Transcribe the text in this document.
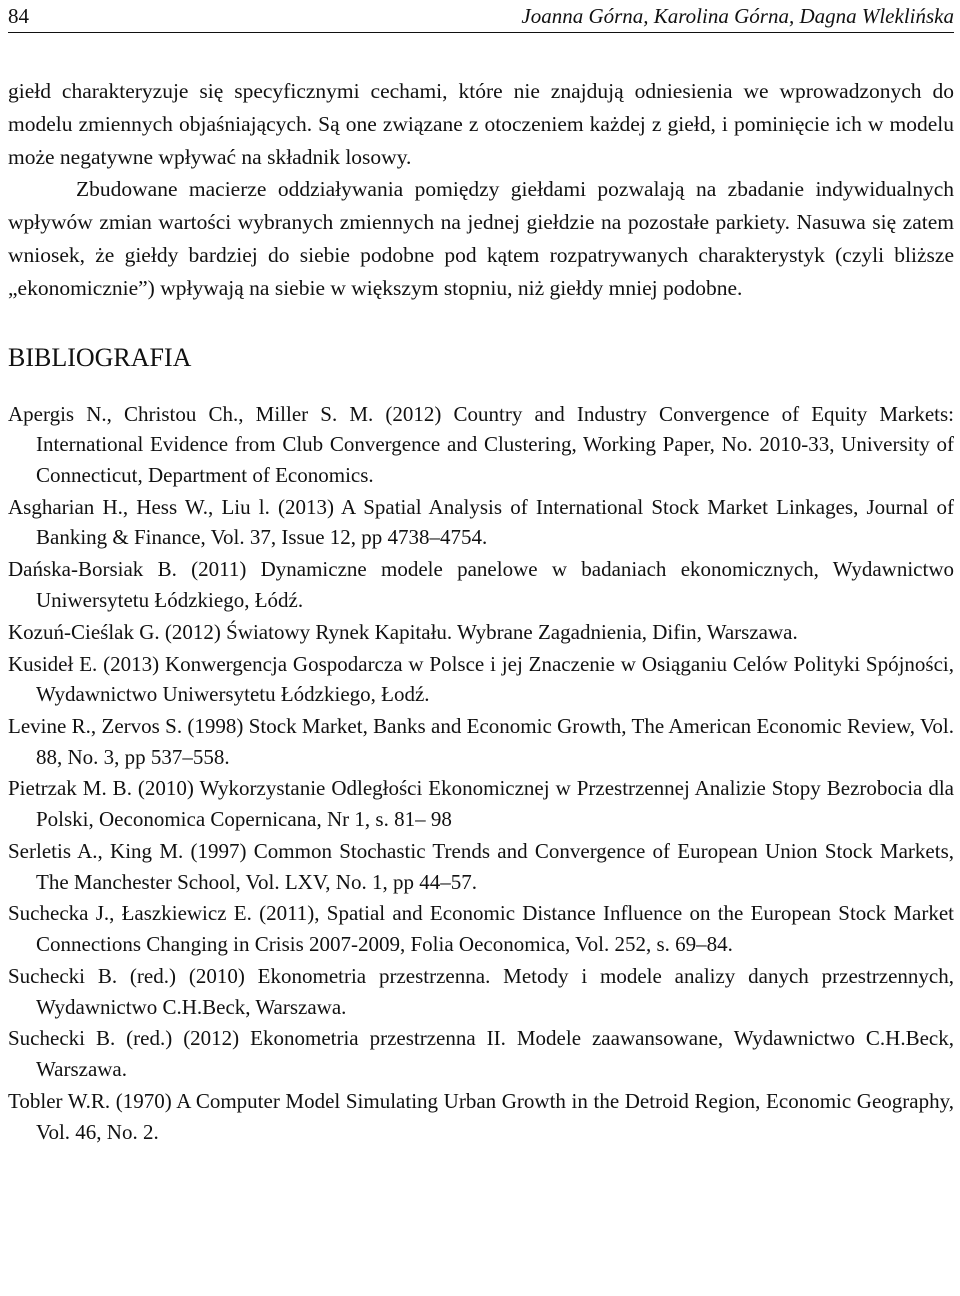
84	Joanna Górna, Karolina Górna, Dagna Wleklińska

giełd charakteryzuje się specyficznymi cechami, które nie znajdują odniesienia we wprowadzonych do modelu zmiennych objaśniających. Są one związane z otoczeniem każdej z giełd, i pominięcie ich w modelu może negatywne wpływać na składnik losowy.

Zbudowane macierze oddziaływania pomiędzy giełdami pozwalają na zbadanie indywidualnych wpływów zmian wartości wybranych zmiennych na jednej giełdzie na pozostałe parkiety. Nasuwa się zatem wniosek, że giełdy bardziej do siebie podobne pod kątem rozpatrywanych charakterystyk (czyli bliższe „ekonomicznie”) wpływają na siebie w większym stopniu, niż giełdy mniej podobne.

BIBLIOGRAFIA

Apergis N., Christou Ch., Miller S. M. (2012) Country and Industry Convergence of Equity Markets: International Evidence from Club Convergence and Clustering, Working Paper, No. 2010-33, University of Connecticut, Department of Economics.

Asgharian H., Hess W., Liu l. (2013) A Spatial Analysis of International Stock Market Linkages, Journal of Banking & Finance, Vol. 37, Issue 12, pp 4738–4754.

Dańska-Borsiak B. (2011) Dynamiczne modele panelowe w badaniach ekonomicznych, Wydawnictwo Uniwersytetu Łódzkiego, Łódź.

Kozuń-Cieślak G. (2012) Światowy Rynek Kapitału. Wybrane Zagadnienia, Difin, Warszawa.

Kusideł E. (2013) Konwergencja Gospodarcza w Polsce i jej Znaczenie w Osiąganiu Celów Polityki Spójności, Wydawnictwo Uniwersytetu Łódzkiego, Łodź.

Levine R., Zervos S. (1998) Stock Market, Banks and Economic Growth, The American Economic Review, Vol. 88, No. 3, pp 537–558.

Pietrzak M. B. (2010) Wykorzystanie Odległości Ekonomicznej w Przestrzennej Analizie Stopy Bezrobocia dla Polski, Oeconomica Copernicana, Nr 1, s. 81– 98

Serletis A., King M. (1997) Common Stochastic Trends and Convergence of European Union Stock Markets, The Manchester School, Vol. LXV, No. 1, pp 44–57.

Suchecka J., Łaszkiewicz E. (2011), Spatial and Economic Distance Influence on the European Stock Market Connections Changing in Crisis 2007-2009, Folia Oeconomica, Vol. 252, s. 69–84.

Suchecki B. (red.) (2010) Ekonometria przestrzenna. Metody i modele analizy danych przestrzennych, Wydawnictwo C.H.Beck, Warszawa.

Suchecki B. (red.) (2012) Ekonometria przestrzenna II. Modele zaawansowane, Wydawnictwo C.H.Beck, Warszawa.

Tobler W.R. (1970) A Computer Model Simulating Urban Growth in the Detroid Region, Economic Geography, Vol. 46, No. 2.
